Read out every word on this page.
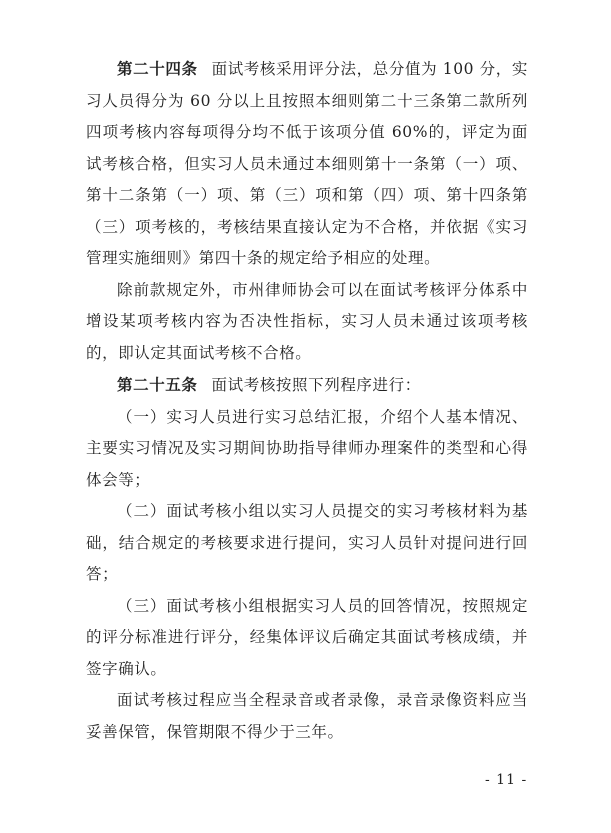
第二十四条 面试考核采用评分法，总分值为 100 分，实习人员得分为 60 分以上且按照本细则第二十三条第二款所列四项考核内容每项得分均不低于该项分值 60%的，评定为面试考核合格，但实习人员未通过本细则第十一条第（一）项、第十二条第（一）项、第（三）项和第（四）项、第十四条第（三）项考核的，考核结果直接认定为不合格，并依据《实习管理实施细则》第四十条的规定给予相应的处理。

除前款规定外，市州律师协会可以在面试考核评分体系中增设某项考核内容为否决性指标，实习人员未通过该项考核的，即认定其面试考核不合格。

第二十五条 面试考核按照下列程序进行：

（一）实习人员进行实习总结汇报，介绍个人基本情况、主要实习情况及实习期间协助指导律师办理案件的类型和心得体会等；

（二）面试考核小组以实习人员提交的实习考核材料为基础，结合规定的考核要求进行提问，实习人员针对提问进行回答；

（三）面试考核小组根据实习人员的回答情况，按照规定的评分标准进行评分，经集体评议后确定其面试考核成绩，并签字确认。

面试考核过程应当全程录音或者录像，录音录像资料应当妥善保管，保管期限不得少于三年。

- 11 -
